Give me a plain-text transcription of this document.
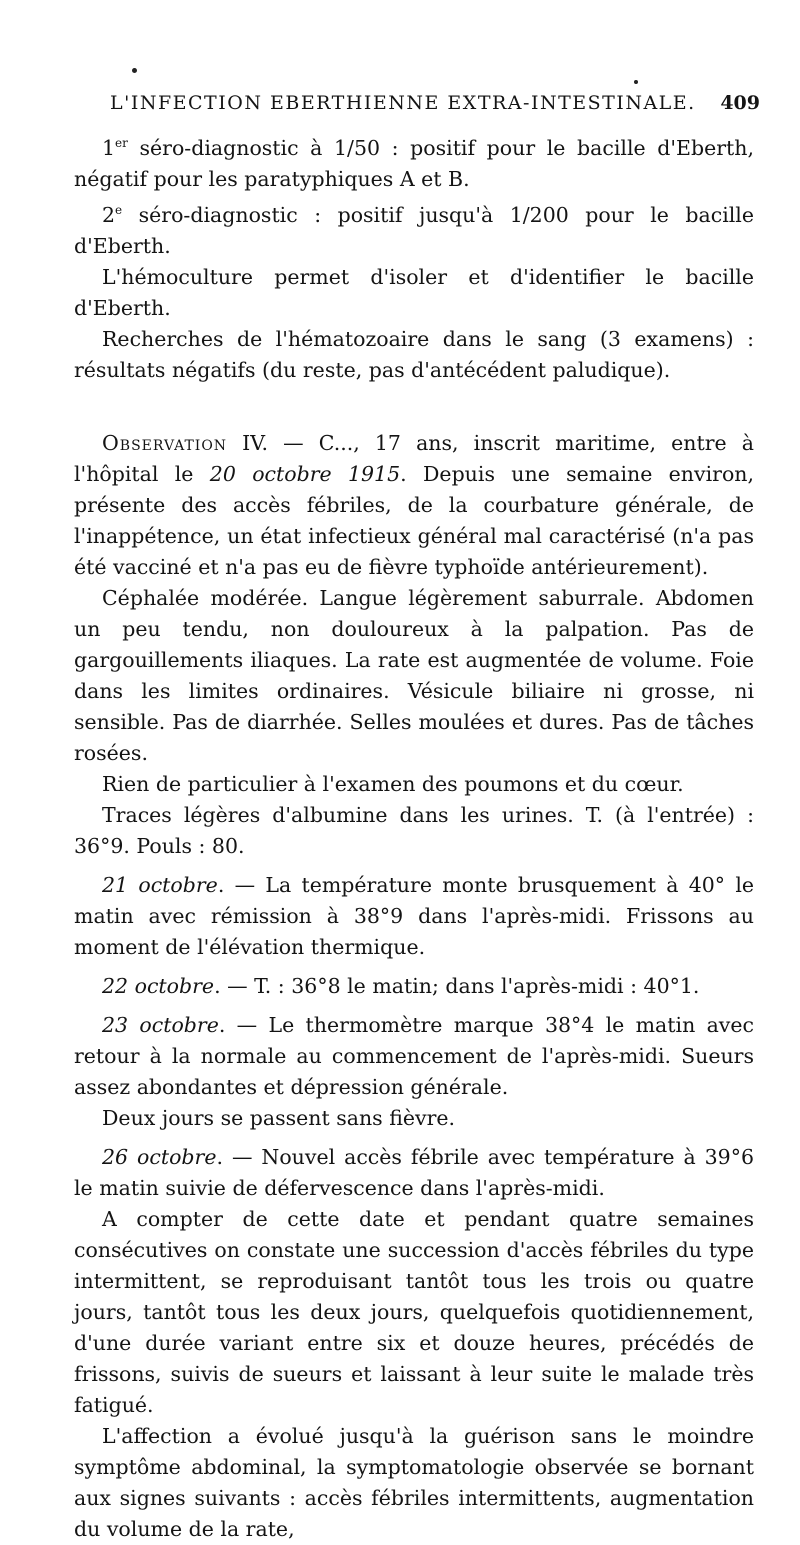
L'INFECTION EBERTHIENNE EXTRA-INTESTINALE. 409

1er séro-diagnostic à 1/50 : positif pour le bacille d'Eberth, négatif pour les paratyphiques A et B.

2e séro-diagnostic : positif jusqu'à 1/200 pour le bacille d'Eberth.

L'hémoculture permet d'isoler et d'identifier le bacille d'Eberth.

Recherches de l'hématozoaire dans le sang (3 examens) : résultats négatifs (du reste, pas d'antécédent paludique).

Observation IV. — C..., 17 ans, inscrit maritime, entre à l'hôpital le 20 octobre 1915. Depuis une semaine environ, présente des accès fébriles, de la courbature générale, de l'inappétence, un état infectieux général mal caractérisé (n'a pas été vacciné et n'a pas eu de fièvre typhoïde antérieurement).

Céphalée modérée. Langue légèrement saburrale. Abdomen un peu tendu, non douloureux à la palpation. Pas de gargouillements iliaques. La rate est augmentée de volume. Foie dans les limites ordinaires. Vésicule biliaire ni grosse, ni sensible. Pas de diarrhée. Selles moulées et dures. Pas de tâches rosées.

Rien de particulier à l'examen des poumons et du cœur.

Traces légères d'albumine dans les urines. T. (à l'entrée) : 36°9. Pouls : 80.

21 octobre. — La température monte brusquement à 40° le matin avec rémission à 38°9 dans l'après-midi. Frissons au moment de l'élévation thermique.

22 octobre. — T. : 36°8 le matin; dans l'après-midi : 40°1.

23 octobre. — Le thermomètre marque 38°4 le matin avec retour à la normale au commencement de l'après-midi. Sueurs assez abondantes et dépression générale.

Deux jours se passent sans fièvre.

26 octobre. — Nouvel accès fébrile avec température à 39°6 le matin suivie de défervescence dans l'après-midi.

A compter de cette date et pendant quatre semaines consécutives on constate une succession d'accès fébriles du type intermittent, se reproduisant tantôt tous les trois ou quatre jours, tantôt tous les deux jours, quelquefois quotidiennement, d'une durée variant entre six et douze heures, précédés de frissons, suivis de sueurs et laissant à leur suite le malade très fatigué.

L'affection a évolué jusqu'à la guérison sans le moindre symptôme abdominal, la symptomatologie observée se bornant aux signes suivants : accès fébriles intermittents, augmentation du volume de la rate,
